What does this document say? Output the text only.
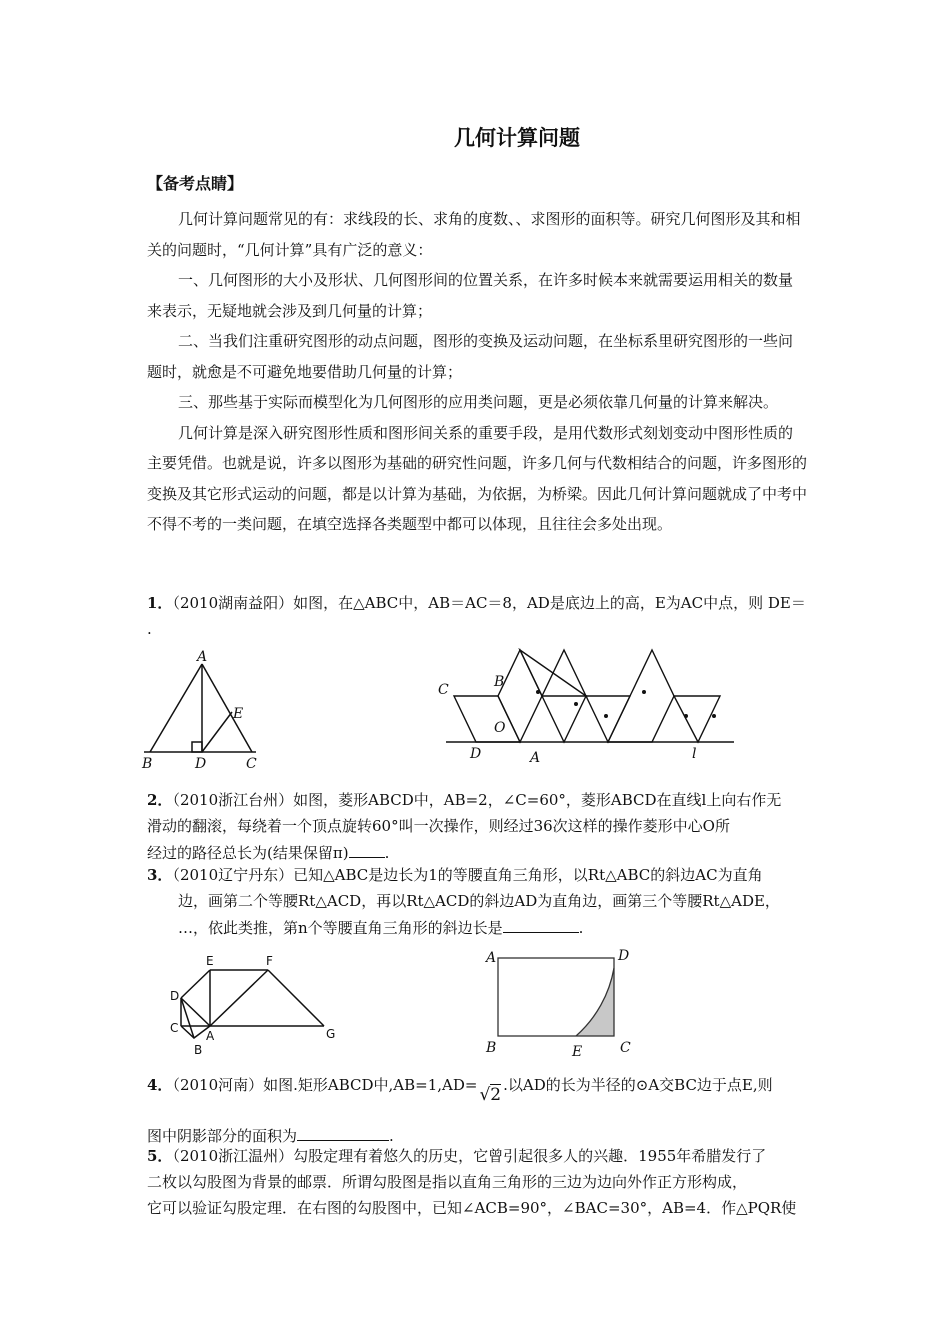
几何计算问题
【备考点睛】

几何计算问题常见的有：求线段的长、求角的度数、、求图形的面积等。研究几何图形及其和相关的问题时，“几何计算”具有广泛的意义：

一、几何图形的大小及形状、几何图形间的位置关系，在许多时候本来就需要运用相关的数量来表示，无疑地就会涉及到几何量的计算；

二、当我们注重研究图形的动点问题，图形的变换及运动问题，在坐标系里研究图形的一些问题时，就愈是不可避免地要借助几何量的计算；

三、那些基于实际而模型化为几何图形的应用类问题，更是必须依靠几何量的计算来解决。

几何计算是深入研究图形性质和图形间关系的重要手段，是用代数形式刻划变动中图形性质的主要凭借。也就是说，许多以图形为基础的研究性问题，许多几何与代数相结合的问题，许多图形的变换及其它形式运动的问题，都是以计算为基础，为依据，为桥梁。因此几何计算问题就成了中考中不得不考的一类问题，在填空选择各类题型中都可以体现，且往往会多处出现。

1．（2010湖南益阳）如图，在△ABC中，AB＝AC＝8，AD是底边上的高，E为AC中点，则 DE＝
.
A
B	D	C
E
C	B
O
D	A	l
2．（2010浙江台州）如图，菱形ABCD中，AB=2，∠C=60°，菱形ABCD在直线l上向右作无
滑动的翻滚，每绕着一个顶点旋转60°叫一次操作，则经过36次这样的操作菱形中心O所
经过的路径总长为(结果保留π) .
3．（2010辽宁丹东）已知△ABC是边长为1的等腰直角三角形，以Rt△ABC的斜边AC为直角
边，画第二个等腰Rt△ACD，再以Rt△ACD的斜边AD为直角边，画第三个等腰Rt△ADE，
…，依此类推，第n个等腰直角三角形的斜边长是	.
E	F
D
C
A
B
G
A	D
B	E	C
4．（2010河南）如图.矩形ABCD中,AB=1,AD= √2 .以AD的长为半径的⊙A交BC边于点E,则
图中阴影部分的面积为	.
5．（2010浙江温州）勾股定理有着悠久的历史，它曾引起很多人的兴趣．1955年希腊发行了
二枚以勾股图为背景的邮票．所谓勾股图是指以直角三角形的三边为边向外作正方形构成，
它可以验证勾股定理．在右图的勾股图中，已知∠ACB=90°，∠BAC=30°，AB=4．作△PQR使
